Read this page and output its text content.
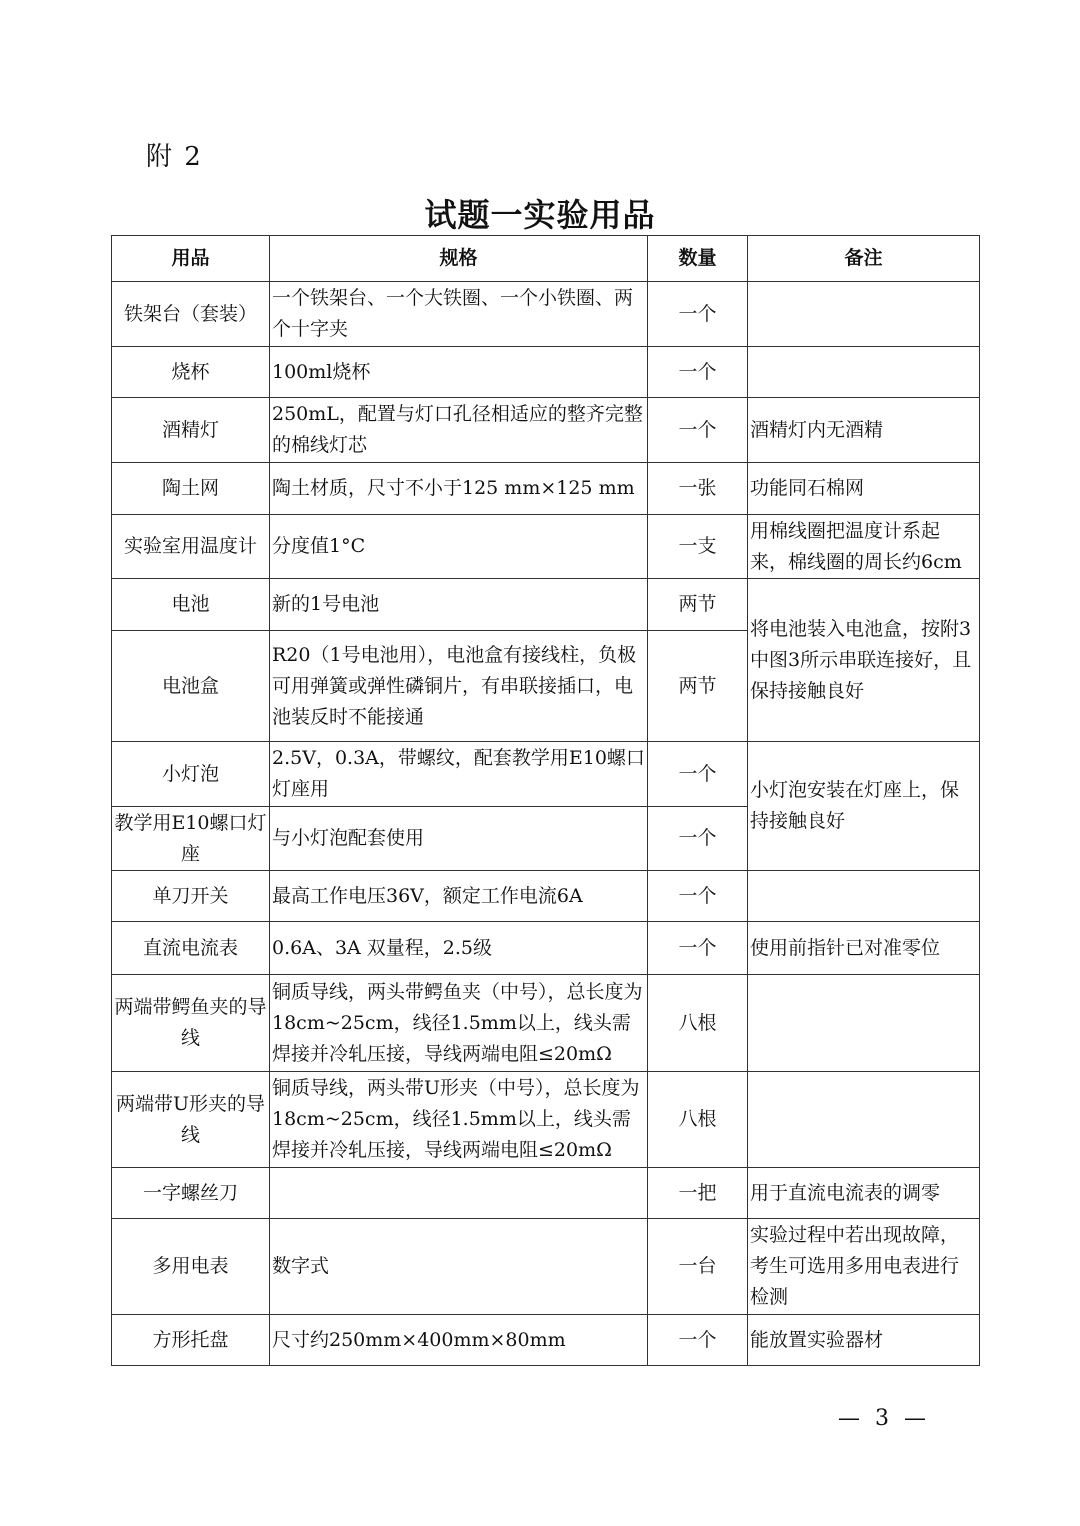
附 2
试题一实验用品
用品	规格	数量	备注
铁架台（套装）	一个铁架台、一个大铁圈、一个小铁圈、两个十字夹	一个	
烧杯	100ml烧杯	一个	
酒精灯	250mL，配置与灯口孔径相适应的整齐完整的棉线灯芯	一个	酒精灯内无酒精
陶土网	陶土材质，尺寸不小于125 mm×125 mm	一张	功能同石棉网
实验室用温度计	分度值1°C	一支	用棉线圈把温度计系起来，棉线圈的周长约6cm
电池	新的1号电池	两节	将电池装入电池盒，按附3中图3所示串联连接好，且保持接触良好
电池盒	R20（1号电池用），电池盒有接线柱，负极可用弹簧或弹性磷铜片，有串联接插口，电池装反时不能接通	两节	
小灯泡	2.5V，0.3A，带螺纹，配套教学用E10螺口灯座用	一个	小灯泡安装在灯座上，保持接触良好
教学用E10螺口灯座	与小灯泡配套使用	一个	
单刀开关	最高工作电压36V，额定工作电流6A	一个	
直流电流表	0.6A、3A 双量程，2.5级	一个	使用前指针已对准零位
两端带鳄鱼夹的导线	铜质导线，两头带鳄鱼夹（中号），总长度为18cm~25cm，线径1.5mm以上，线头需焊接并冷轧压接，导线两端电阻≤20mΩ	八根	
两端带U形夹的导线	铜质导线，两头带U形夹（中号），总长度为18cm~25cm，线径1.5mm以上，线头需焊接并冷轧压接，导线两端电阻≤20mΩ	八根	
一字螺丝刀		一把	用于直流电流表的调零
多用电表	数字式	一台	实验过程中若出现故障，考生可选用多用电表进行检测
方形托盘	尺寸约250mm×400mm×80mm	一个	能放置实验器材
— 3 —
